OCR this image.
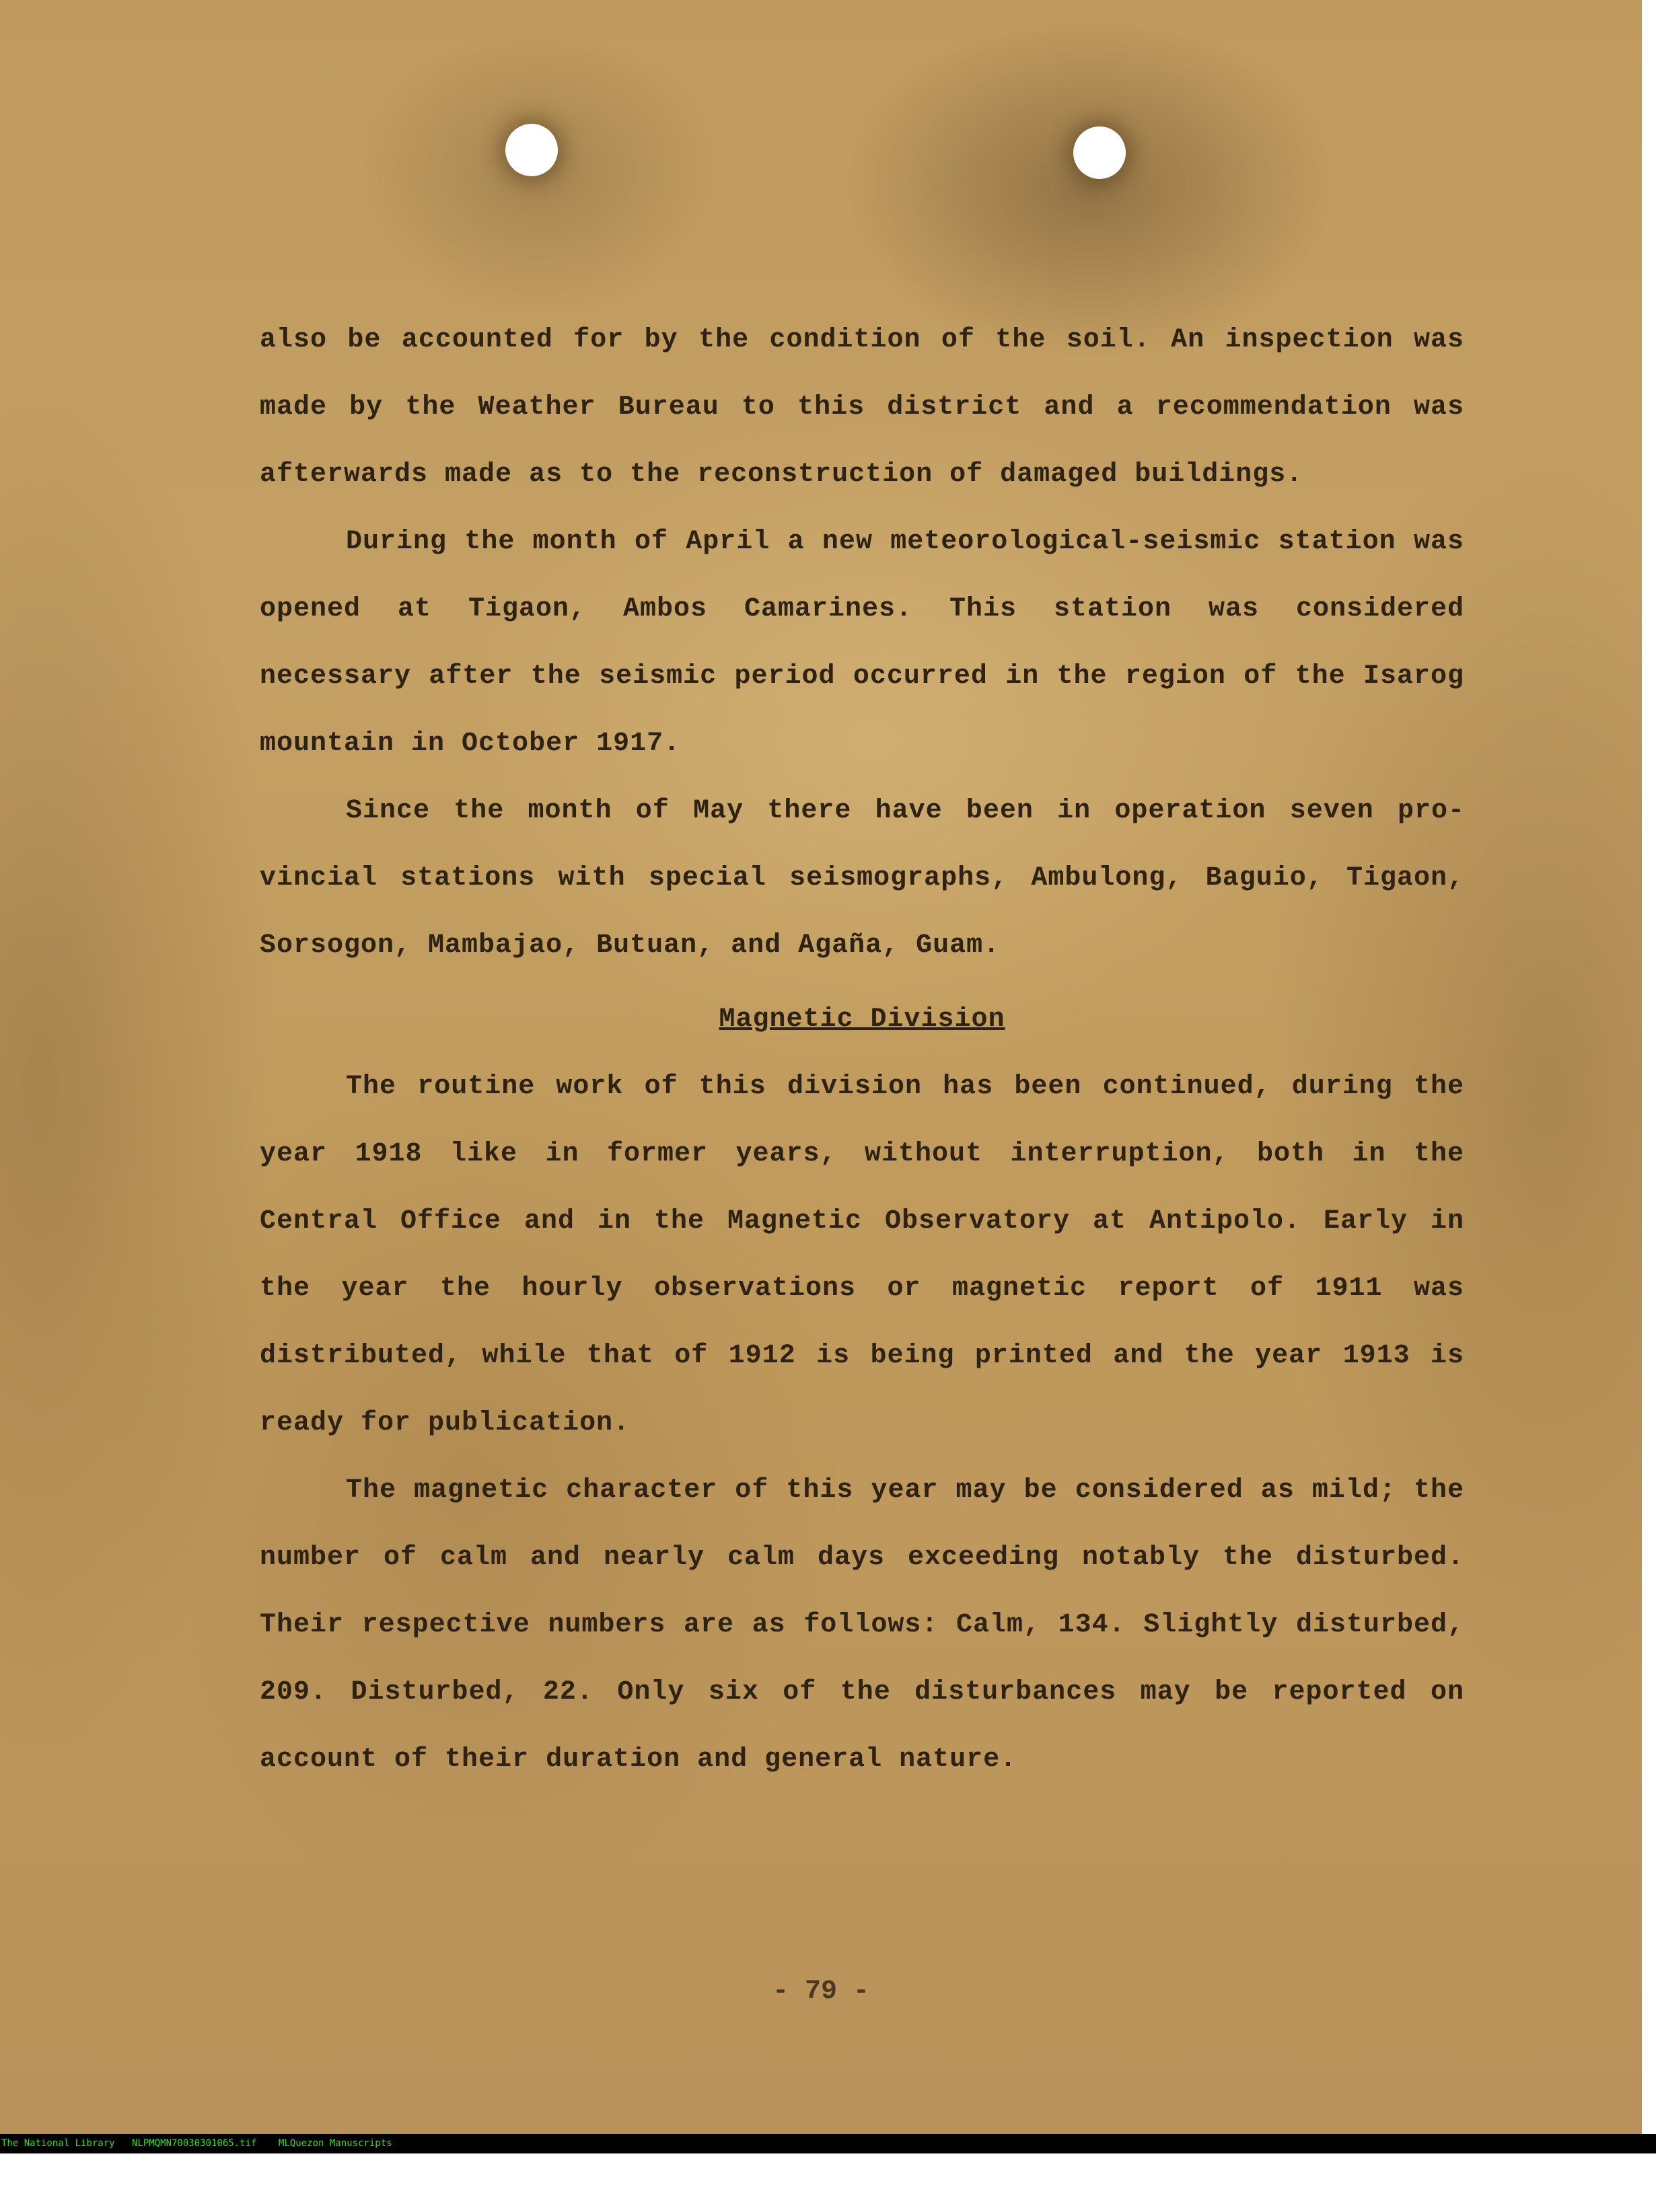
also be accounted for by the condition of the soil. An inspection was made by the Weather Bureau to this district and a recommendation was afterwards made as to the reconstruction of damaged buildings.

During the month of April a new meteorological-seismic station was opened at Tigaon, Ambos Camarines. This station was considered necessary after the seismic period occurred in the region of the Isarog mountain in October 1917.

Since the month of May there have been in operation seven provincial stations with special seismographs, Ambulong, Baguio, Tigaon, Sorsogon, Mambajao, Butuan, and Agaña, Guam.

Magnetic Division

The routine work of this division has been continued, during the year 1918 like in former years, without interruption, both in the Central Office and in the Magnetic Observatory at Antipolo. Early in the year the hourly observations or magnetic report of 1911 was distributed, while that of 1912 is being printed and the year 1913 is ready for publication.

The magnetic character of this year may be considered as mild; the number of calm and nearly calm days exceeding notably the disturbed. Their respective numbers are as follows: Calm, 134. Slightly disturbed, 209. Disturbed, 22. Only six of the disturbances may be reported on account of their duration and general nature.

- 79 -

The National Library

NLPMQMN70030301065.tif

MLQuezon Manuscripts
